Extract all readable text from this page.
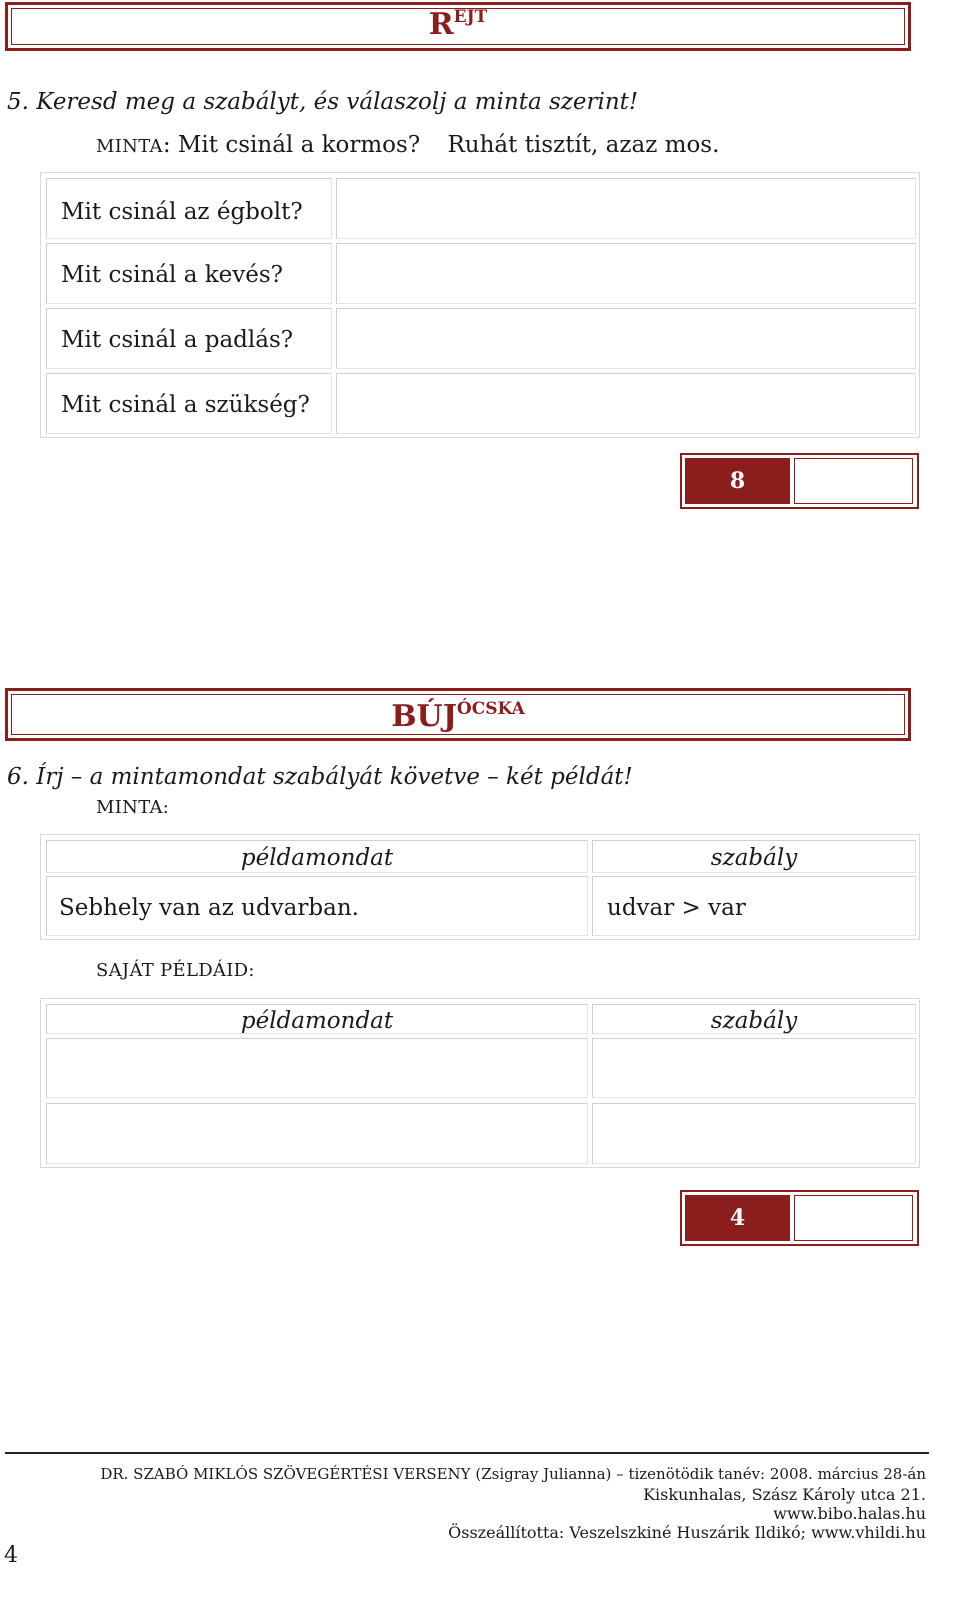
REJT
5. Keresd meg a szabályt, és válaszolj a minta szerint!
MINTA: Mit csinál a kormos? Ruhát tisztít, azaz mos.
Mit csinál az égbolt?
Mit csinál a kevés?
Mit csinál a padlás?
Mit csinál a szükség?
8
BÚJÓCSKA
6. Írj – a mintamondat szabályát követve – két példát!
MINTA:
példamondat	szabály
Sebhely van az udvarban.	udvar > var
SAJÁT PÉLDÁID:
példamondat	szabály
4
DR. SZABÓ MIKLÓS SZÖVEGÉRTÉSI VERSENY (Zsigray Julianna) – tizenötödik tanév: 2008. március 28-án
Kiskunhalas, Szász Károly utca 21.
www.bibo.halas.hu
Összeállította: Veszelszkiné Huszárik Ildikó; www.vhildi.hu
4
